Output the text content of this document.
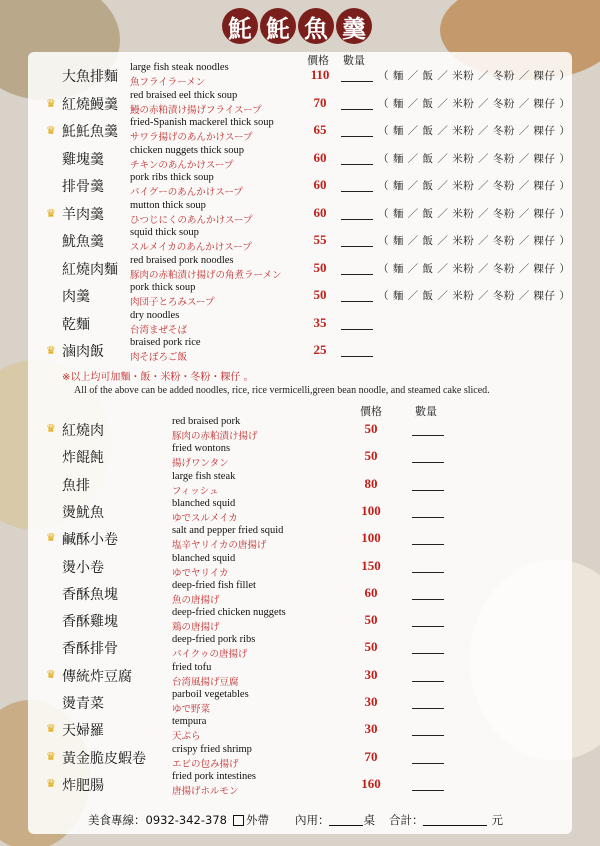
魠 魠 魚 羹
價格 數量
大魚排麵
large fish steak noodles
魚フライラーメン
110	（ 麵 ／ 飯 ／ 米粉 ／ 冬粉 ／ 粿仔 ）
♛ 紅燒鰻羹
red braised eel thick soup
鰻の赤粕漬け揚げフライスープ
70	（ 麵 ／ 飯 ／ 米粉 ／ 冬粉 ／ 粿仔 ）
♛ 魠魠魚羹
fried-Spanish mackerel thick soup
サワラ揚げのあんかけスープ
65	（ 麵 ／ 飯 ／ 米粉 ／ 冬粉 ／ 粿仔 ）
雞塊羹
chicken nuggets thick soup
チキンのあんかけスープ
60	（ 麵 ／ 飯 ／ 米粉 ／ 冬粉 ／ 粿仔 ）
排骨羹
pork ribs thick soup
パイグーのあんかけスープ
60	（ 麵 ／ 飯 ／ 米粉 ／ 冬粉 ／ 粿仔 ）
♛ 羊肉羹
mutton thick soup
ひつじにくのあんかけスープ
60	（ 麵 ／ 飯 ／ 米粉 ／ 冬粉 ／ 粿仔 ）
魷魚羹
squid thick soup
スルメイカのあんかけスープ
55	（ 麵 ／ 飯 ／ 米粉 ／ 冬粉 ／ 粿仔 ）
紅燒肉麵
red braised pork noodles
豚肉の赤粕漬け揚げの角煮ラーメン
50	（ 麵 ／ 飯 ／ 米粉 ／ 冬粉 ／ 粿仔 ）
肉羹
pork thick soup
肉団子とろみスープ
50	（ 麵 ／ 飯 ／ 米粉 ／ 冬粉 ／ 粿仔 ）
乾麵
dry noodles
台湾まぜそば
35
♛ 滷肉飯
braised pork rice
肉そぼろご飯
25
※以上均可加麵・飯・米粉・冬粉・粿仔 。
All of the above can be added noodles, rice, rice vermicelli,green bean noodle, and steamed cake sliced.
價格	數量
♛ 紅燒肉
red braised pork
豚肉の赤粕漬け揚げ
50
炸餛飩
fried wontons
揚げワンタン
50
魚排
large fish steak
フィッシュ
80
燙魷魚
blanched squid
ゆでスルメイカ
100
♛ 鹹酥小卷
salt and pepper fried squid
塩辛ヤリイカの唐揚げ
100
燙小卷
blanched squid
ゆでヤリイカ
150
香酥魚塊
deep-fried fish fillet
魚の唐揚げ
60
香酥雞塊
deep-fried chicken nuggets
鶏の唐揚げ
50
香酥排骨
deep-fried pork ribs
パイクゥの唐揚げ
50
♛ 傳統炸豆腐
fried tofu
台湾風揚げ豆腐
30
燙青菜
parboil vegetables
ゆで野菜
30
♛ 天婦羅
tempura
天ぷら
30
♛ 黃金脆皮蝦卷
crispy fried shrimp
エビの包み揚げ
70
♛ 炸肥腸
fried pork intestines
唐揚げホルモン
160
美食專線：0932-342-378 外帶 內用：	桌 合計：	元
